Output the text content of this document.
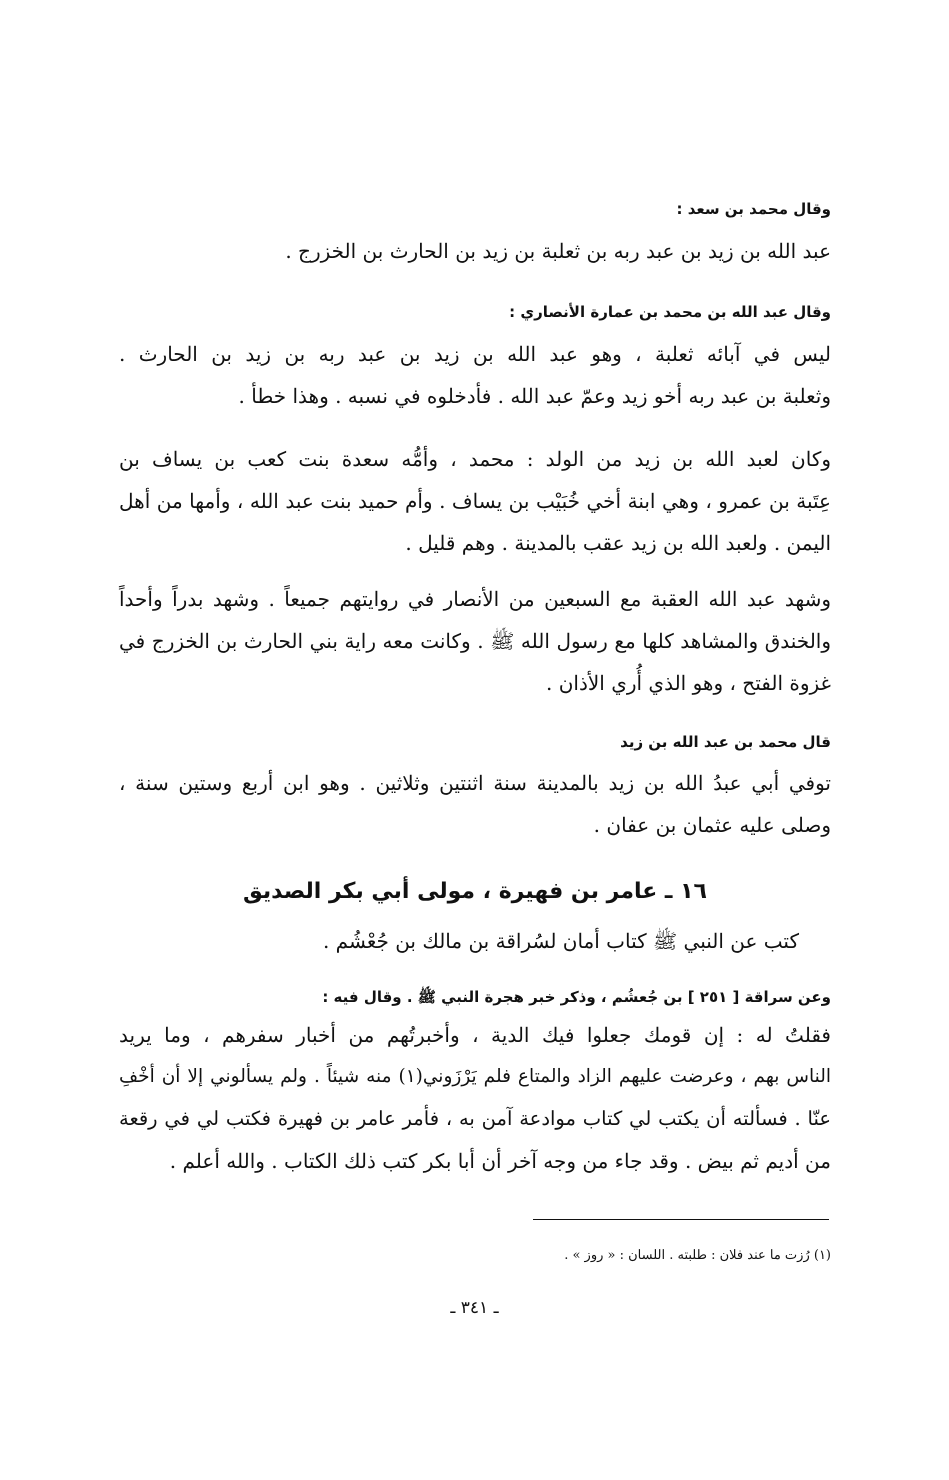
وقال محمد بن سعد :
عبد الله بن زيد بن عبد ربه بن ثعلبة بن زيد بن الحارث بن الخزرج .
وقال عبد الله بن محمد بن عمارة الأنصاري :
ليس في آبائه ثعلبة ، وهو عبد الله بن زيد بن عبد ربه بن زيد بن الحارث .
وثعلبة بن عبد ربه أخو زيد وعمّ عبد الله . فأدخلوه في نسبه . وهذا خطأ .
وكان لعبد الله بن زيد من الولد : محمد ، وأمُّه سعدة بنت كعب بن يساف بن
عِتَبة بن عمرو ، وهي ابنة أخي خُبَيْب بن يساف . وأم حميد بنت عبد الله ، وأمها من أهل
اليمن . ولعبد الله بن زيد عقب بالمدينة . وهم قليل .
وشهد عبد الله العقبة مع السبعين من الأنصار في روايتهم جميعاً . وشهد بدراً وأحداً
والخندق والمشاهد كلها مع رسول الله ﷺ . وكانت معه راية بني الحارث بن الخزرج في
غزوة الفتح ، وهو الذي أُري الأذان .
قال محمد بن عبد الله بن زيد
توفي أبي عبدُ الله بن زيد بالمدينة سنة اثنتين وثلاثين . وهو ابن أربع وستين سنة ،
وصلى عليه عثمان بن عفان .
١٦ ـ عامر بن فهيرة ، مولى أبي بكر الصديق
كتب عن النبي ﷺ كتاب أمان لسُراقة بن مالك بن جُعْشُم .
وعن سراقة [ ٢٥١ ] بن جُعشُم ، وذكر خبر هجرة النبي ﷺ . وقال فيه :
فقلتُ له : إن قومك جعلوا فيك الدية ، وأخبرتُهم من أخبار سفرهم ، وما يريد
الناس بهم ، وعرضت عليهم الزاد والمتاع فلم يَرْزَوني(١) منه شيئاً . ولم يسألوني إلا أن أخْفِ
عنّا . فسألته أن يكتب لي كتاب موادعة آمن به ، فأمر عامر بن فهيرة فكتب لي في رقعة
من أديم ثم بيض . وقد جاء من وجه آخر أن أبا بكر كتب ذلك الكتاب . والله أعلم .
(١) رُزت ما عند فلان : طلبته . اللسان : « روز » .
ـ ٣٤١ ـ
